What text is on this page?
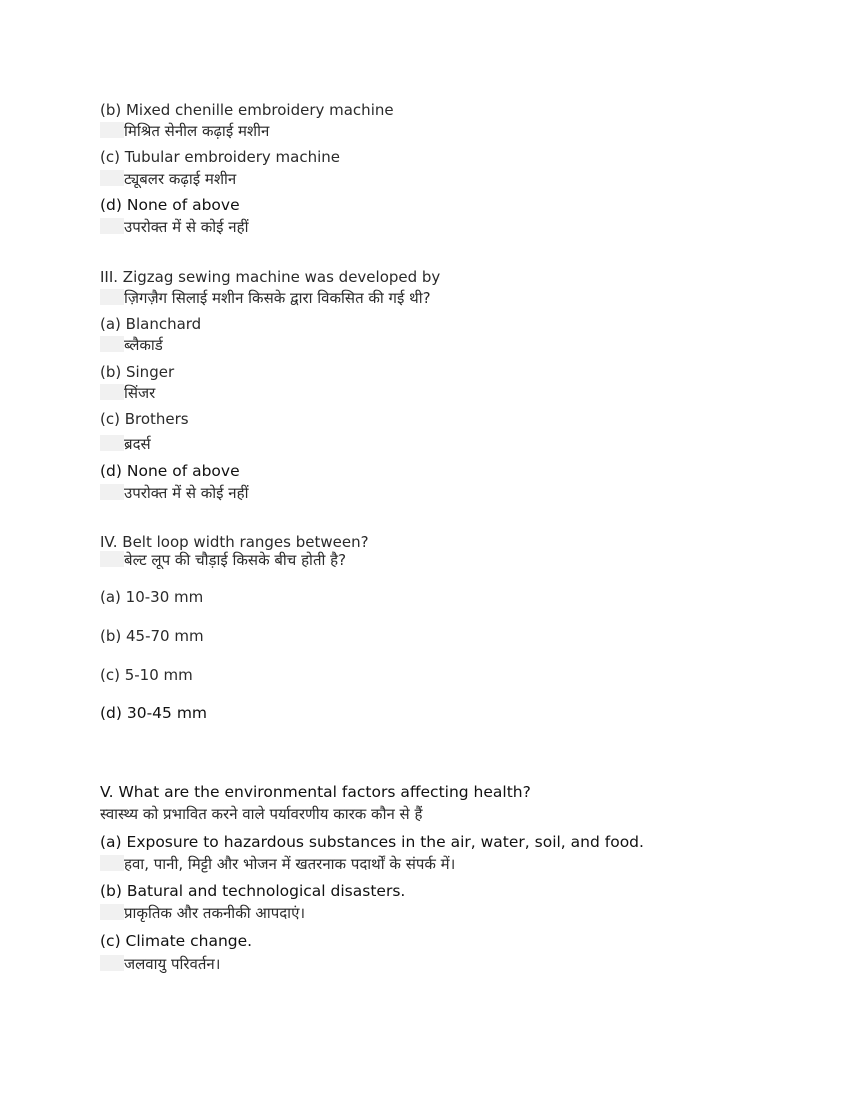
(b) Mixed chenille embroidery machine
मिश्रित सेनील कढ़ाई मशीन
(c) Tubular embroidery machine
ट्यूबलर कढ़ाई मशीन
(d) None of above
उपरोक्त में से कोई नहीं
III. Zigzag sewing machine was developed by
ज़िगज़ैग सिलाई मशीन किसके द्वारा विकसित की गई थी?
(a) Blanchard
ब्लैकार्ड
(b) Singer
सिंजर
(c) Brothers
ब्रदर्स
(d) None of above
उपरोक्त में से कोई नहीं
IV. Belt loop width ranges between?
बेल्ट लूप की चौड़ाई किसके बीच होती है?
(a) 10-30 mm
(b) 45-70 mm
(c) 5-10 mm
(d) 30-45 mm
V. What are the environmental factors affecting health?
स्वास्थ्य को प्रभावित करने वाले पर्यावरणीय कारक कौन से हैं
(a) Exposure to hazardous substances in the air, water, soil, and food.
हवा, पानी, मिट्टी और भोजन में खतरनाक पदार्थों के संपर्क में।
(b) Batural and technological disasters.
प्राकृतिक और तकनीकी आपदाएं।
(c) Climate change.
जलवायु परिवर्तन।
